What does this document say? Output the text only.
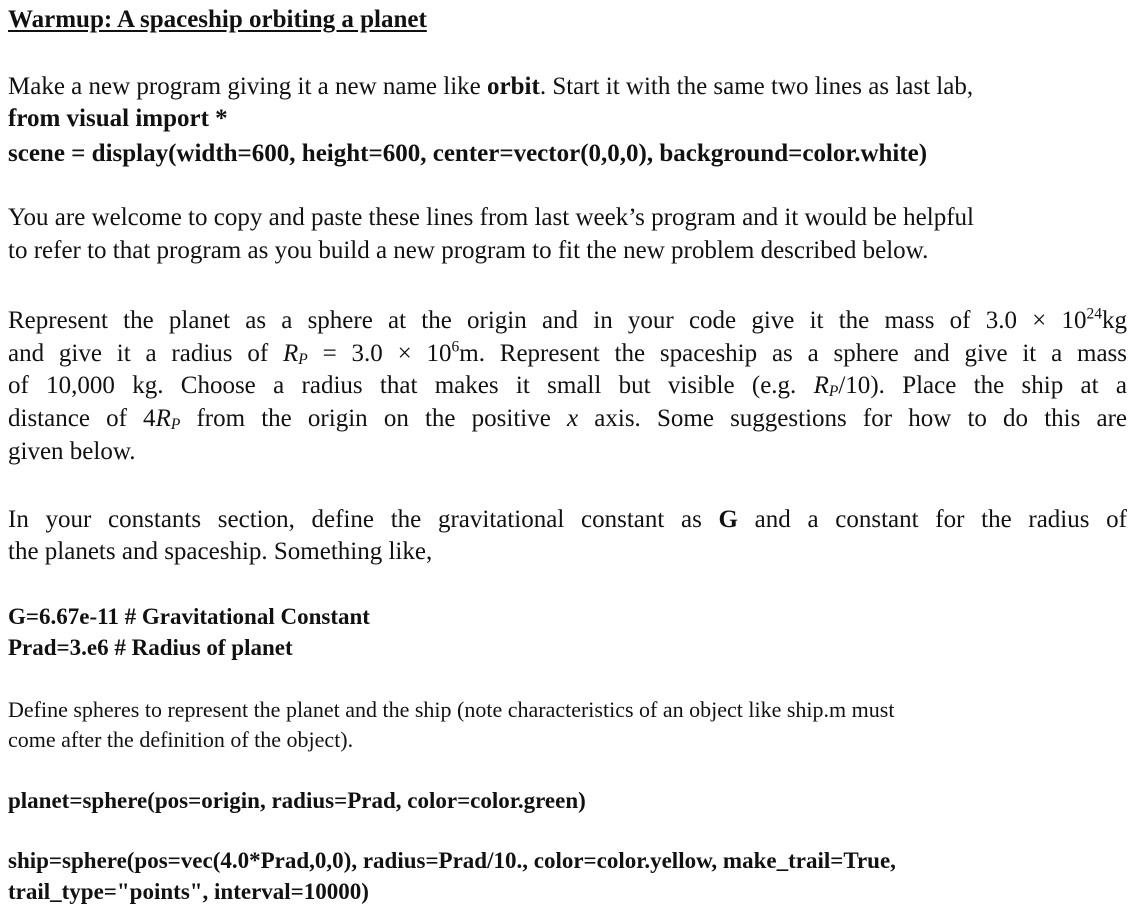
Warmup: A spaceship orbiting a planet
Make a new program giving it a new name like orbit. Start it with the same two lines as last lab,
from visual import *
scene = display(width=600, height=600, center=vector(0,0,0), background=color.white)
You are welcome to copy and paste these lines from last week’s program and it would be helpful
to refer to that program as you build a new program to fit the new problem described below.
Represent the planet as a sphere at the origin and in your code give it the mass of $3.0 \times 10^{24}kg$
and give it a radius of $R_P = 3.0 \times 10^6m$. Represent the spaceship as a sphere and give it a mass
of 10,000 kg. Choose a radius that makes it small but visible (e.g. $R_P/10$). Place the ship at a
distance of $4R_P$ from the origin on the positive x axis. Some suggestions for how to do this are
given below.
In your constants section, define the gravitational constant as G and a constant for the radius of
the planets and spaceship. Something like,
G=6.67e-11 # Gravitational Constant
Prad=3.e6 # Radius of planet
Define spheres to represent the planet and the ship (note characteristics of an object like ship.m must
come after the definition of the object).
planet=sphere(pos=origin, radius=Prad, color=color.green)
ship=sphere(pos=vec(4.0*Prad,0,0), radius=Prad/10., color=color.yellow, make_trail=True,
trail_type="points", interval=10000)
